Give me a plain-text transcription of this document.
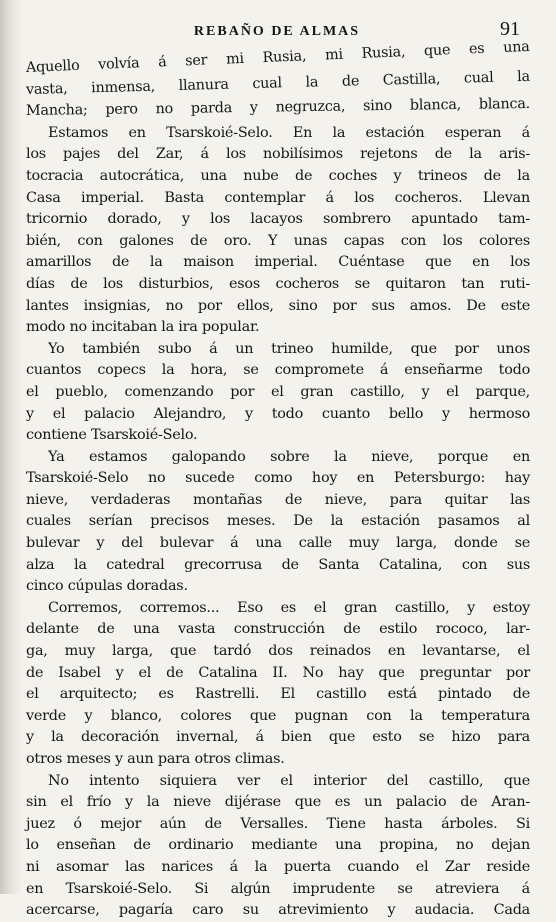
REBAÑO DE ALMAS	91
Aquello volvía á ser mi Rusia, mi Rusia, que es una
vasta, inmensa, llanura cual la de Castilla, cual la
Mancha; pero no parda y negruzca, sino blanca, blanca.
Estamos en Tsarskoié-Selo. En la estación esperan á
los pajes del Zar, á los nobilísimos rejetons de la aris-
tocracia autocrática, una nube de coches y trineos de la
Casa imperial. Basta contemplar á los cocheros. Llevan
tricornio dorado, y los lacayos sombrero apuntado tam-
bién, con galones de oro. Y unas capas con los colores
amarillos de la maison imperial. Cuéntase que en los
días de los disturbios, esos cocheros se quitaron tan ruti-
lantes insignias, no por ellos, sino por sus amos. De este
modo no incitaban la ira popular.
Yo también subo á un trineo humilde, que por unos
cuantos copecs la hora, se compromete á enseñarme todo
el pueblo, comenzando por el gran castillo, y el parque,
y el palacio Alejandro, y todo cuanto bello y hermoso
contiene Tsarskoié-Selo.
Ya estamos galopando sobre la nieve, porque en
Tsarskoié-Selo no sucede como hoy en Petersburgo: hay
nieve, verdaderas montañas de nieve, para quitar las
cuales serían precisos meses. De la estación pasamos al
bulevar y del bulevar á una calle muy larga, donde se
alza la catedral grecorrusa de Santa Catalina, con sus
cinco cúpulas doradas.
Corremos, corremos... Eso es el gran castillo, y estoy
delante de una vasta construcción de estilo rococo, lar-
ga, muy larga, que tardó dos reinados en levantarse, el
de Isabel y el de Catalina II. No hay que preguntar por
el arquitecto; es Rastrelli. El castillo está pintado de
verde y blanco, colores que pugnan con la temperatura
y la decoración invernal, á bien que esto se hizo para
otros meses y aun para otros climas.
No intento siquiera ver el interior del castillo, que
sin el frío y la nieve dijérase que es un palacio de Aran-
juez ó mejor aún de Versalles. Tiene hasta árboles. Si
lo enseñan de ordinario mediante una propina, no dejan
ni asomar las narices á la puerta cuando el Zar reside
en Tsarskoié-Selo. Si algún imprudente se atreviera á
acercarse, pagaría caro su atrevimiento y audacia. Cada
